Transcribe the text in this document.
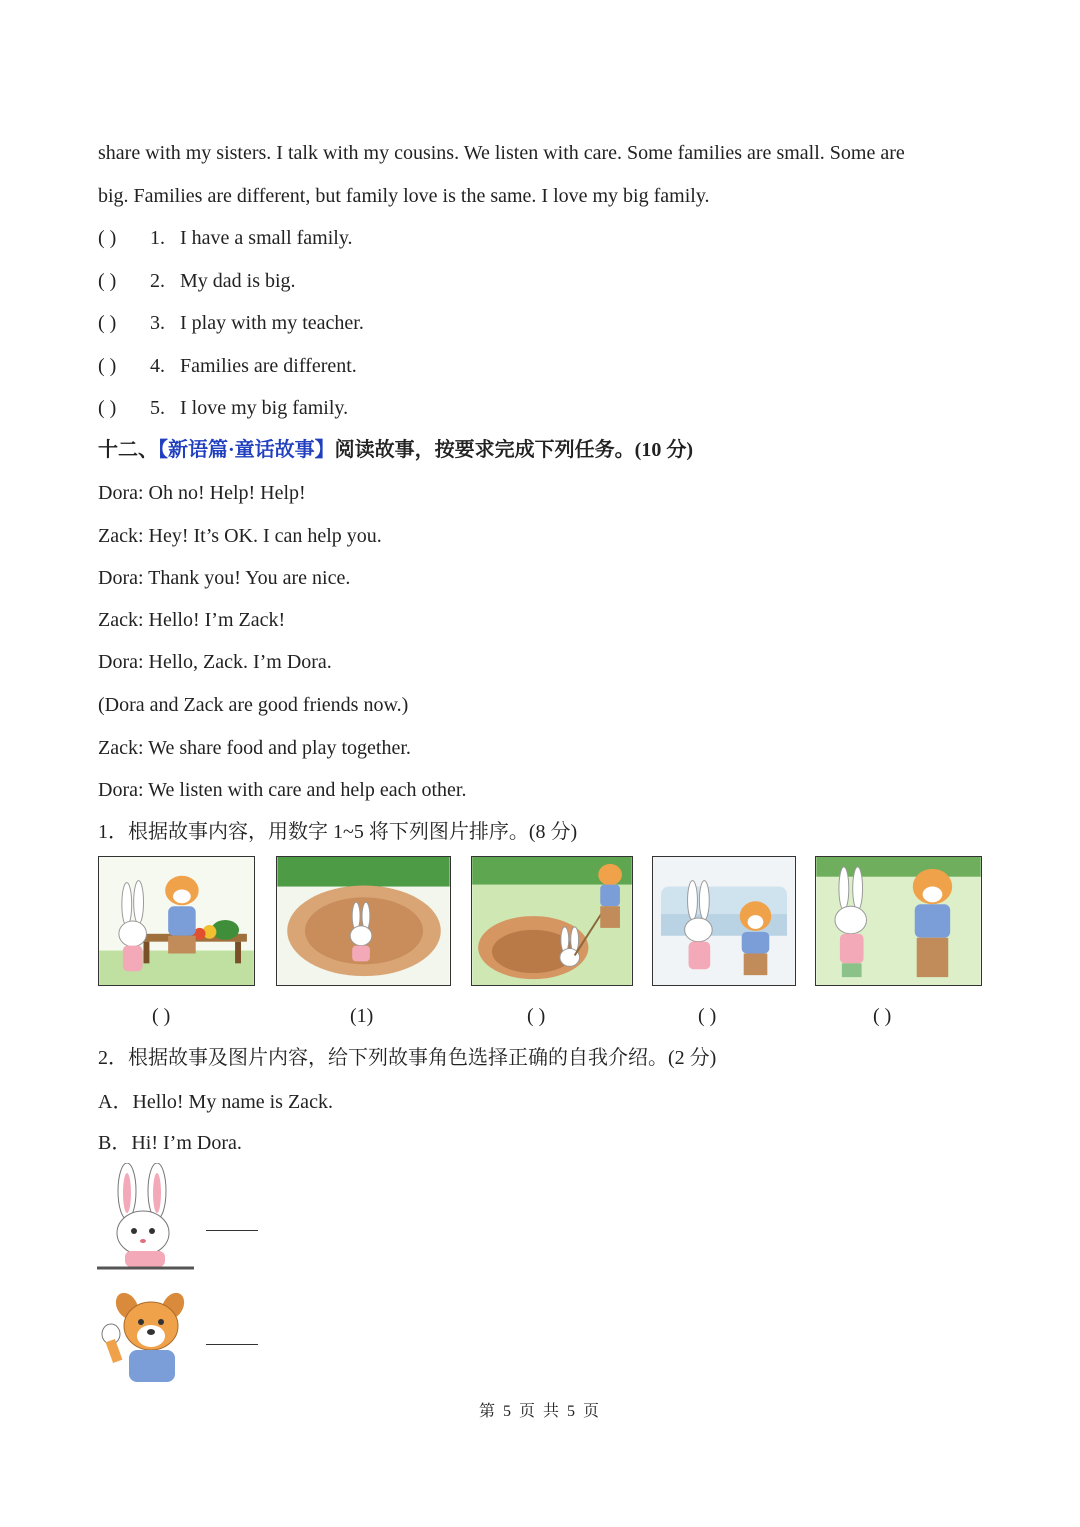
share with my sisters. I talk with my cousins. We listen with care. Some families are small. Some are
big. Families are different, but family love is the same. I love my big family.
( ) 1. I have a small family.
( ) 2. My dad is big.
( ) 3. I play with my teacher.
( ) 4. Families are different.
( ) 5. I love my big family.
十二、【新语篇·童话故事】阅读故事，按要求完成下列任务。(10 分)
Dora: Oh no! Help! Help!
Zack: Hey! It’s OK. I can help you.
Dora: Thank you! You are nice.
Zack: Hello! I’m Zack!
Dora: Hello, Zack. I’m Dora.
(Dora and Zack are good friends now.)
Zack: We share food and play together.
Dora: We listen with care and help each other.
1．根据故事内容，用数字 1~5 将下列图片排序。(8 分)
( )	(1)	( )	( )	( )
2．根据故事及图片内容，给下列故事角色选择正确的自我介绍。(2 分)
A．Hello! My name is Zack.
B．Hi! I’m Dora.
第 5 页 共 5 页
